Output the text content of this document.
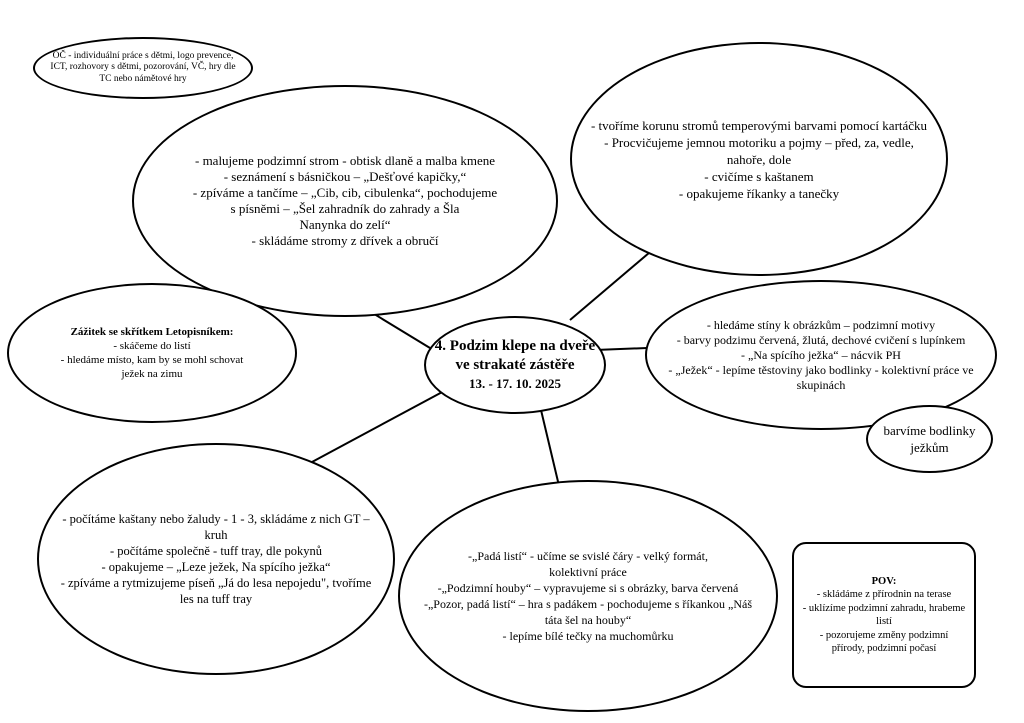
OČ - individuální práce s dětmi, logo prevence,
ICT, rozhovory s dětmi, pozorování, VČ, hry dle
TC nebo námětové hry
- malujeme podzimní strom - obtisk dlaně a malba kmene
- seznámení s básničkou – „Dešťové kapičky,“
- zpíváme a tančíme – „Cib, cib, cibulenka“, pochodujeme
s písněmi – „Šel zahradník do zahrady a Šla
Nanynka do zelí“
- skládáme stromy z dřívek a obručí
- tvoříme korunu stromů temperovými barvami pomocí kartáčku
- Procvičujeme jemnou motoriku a pojmy – před, za, vedle,
nahoře, dole
- cvičíme s kaštanem
- opakujeme říkanky a tanečky
Zážitek se skřítkem Letopisníkem:
- skáčeme do listí
- hledáme místo, kam by se mohl schovat
ježek na zimu
4. Podzim klepe na dveře
ve strakaté zástěře
13. - 17. 10. 2025
- hledáme stíny k obrázkům – podzimní motivy
- barvy podzimu červená, žlutá, dechové cvičení s lupínkem
- „Na spícího ježka“ – nácvik PH
- „Ježek“ - lepíme těstoviny jako bodlinky - kolektivní práce ve
skupinách
barvíme bodlinky
ježkům
- počítáme kaštany nebo žaludy - 1 - 3, skládáme z nich GT –
kruh
- počítáme společně - tuff tray, dle pokynů
- opakujeme – „Leze ježek, Na spícího ježka“
- zpíváme a rytmizujeme píseň „Já do lesa nepojedu", tvoříme
les na tuff tray
-„Padá listí“ - učíme se svislé čáry - velký formát,
kolektivní práce
-„Podzimní houby“ – vypravujeme si s obrázky, barva červená
-„Pozor, padá listí“ – hra s padákem - pochodujeme s říkankou „Náš
táta šel na houby“
- lepíme bílé tečky na muchomůrku
POV:
- skládáme z přírodnin na terase
- uklízíme podzimní zahradu, hrabeme
listí
- pozorujeme změny podzimní
přírody, podzimní počasí
